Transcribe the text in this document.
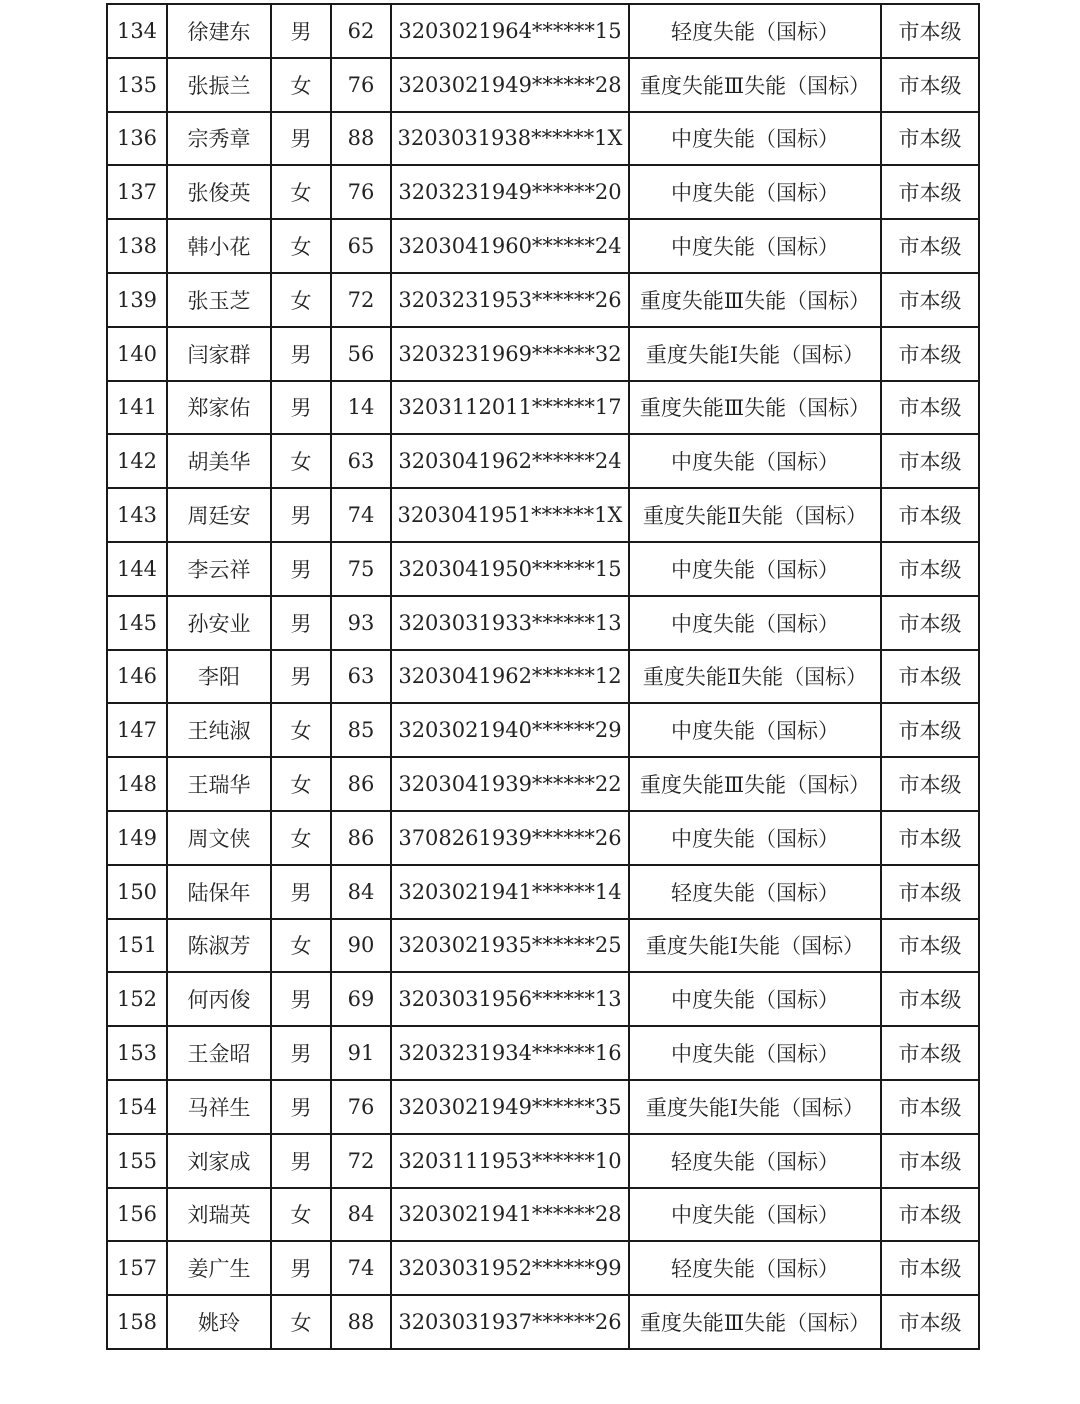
134	徐建东	男	62	3203021964******15	轻度失能（国标）	市本级
135	张振兰	女	76	3203021949******28	重度失能Ⅲ失能（国标）	市本级
136	宗秀章	男	88	3203031938******1X	中度失能（国标）	市本级
137	张俊英	女	76	3203231949******20	中度失能（国标）	市本级
138	韩小花	女	65	3203041960******24	中度失能（国标）	市本级
139	张玉芝	女	72	3203231953******26	重度失能Ⅲ失能（国标）	市本级
140	闫家群	男	56	3203231969******32	重度失能Ⅰ失能（国标）	市本级
141	郑家佑	男	14	3203112011******17	重度失能Ⅲ失能（国标）	市本级
142	胡美华	女	63	3203041962******24	中度失能（国标）	市本级
143	周廷安	男	74	3203041951******1X	重度失能Ⅱ失能（国标）	市本级
144	李云祥	男	75	3203041950******15	中度失能（国标）	市本级
145	孙安业	男	93	3203031933******13	中度失能（国标）	市本级
146	李阳	男	63	3203041962******12	重度失能Ⅱ失能（国标）	市本级
147	王纯淑	女	85	3203021940******29	中度失能（国标）	市本级
148	王瑞华	女	86	3203041939******22	重度失能Ⅲ失能（国标）	市本级
149	周文侠	女	86	3708261939******26	中度失能（国标）	市本级
150	陆保年	男	84	3203021941******14	轻度失能（国标）	市本级
151	陈淑芳	女	90	3203021935******25	重度失能Ⅰ失能（国标）	市本级
152	何丙俊	男	69	3203031956******13	中度失能（国标）	市本级
153	王金昭	男	91	3203231934******16	中度失能（国标）	市本级
154	马祥生	男	76	3203021949******35	重度失能Ⅰ失能（国标）	市本级
155	刘家成	男	72	3203111953******10	轻度失能（国标）	市本级
156	刘瑞英	女	84	3203021941******28	中度失能（国标）	市本级
157	姜广生	男	74	3203031952******99	轻度失能（国标）	市本级
158	姚玲	女	88	3203031937******26	重度失能Ⅲ失能（国标）	市本级
